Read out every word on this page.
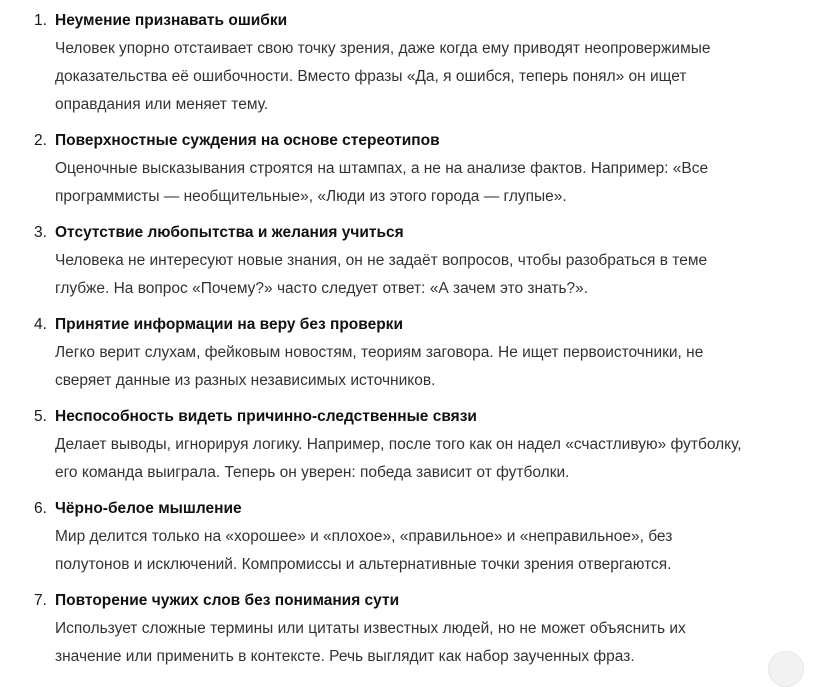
1. Неумение признавать ошибки
Человек упорно отстаивает свою точку зрения, даже когда ему приводят неопровержимые
доказательства её ошибочности. Вместо фразы «Да, я ошибся, теперь понял» он ищет
оправдания или меняет тему.
2. Поверхностные суждения на основе стереотипов
Оценочные высказывания строятся на штампах, а не на анализе фактов. Например: «Все
программисты — необщительные», «Люди из этого города — глупые».
3. Отсутствие любопытства и желания учиться
Человека не интересуют новые знания, он не задаёт вопросов, чтобы разобраться в теме
глубже. На вопрос «Почему?» часто следует ответ: «А зачем это знать?».
4. Принятие информации на веру без проверки
Легко верит слухам, фейковым новостям, теориям заговора. Не ищет первоисточники, не
сверяет данные из разных независимых источников.
5. Неспособность видеть причинно-следственные связи
Делает выводы, игнорируя логику. Например, после того как он надел «счастливую» футболку,
его команда выиграла. Теперь он уверен: победа зависит от футболки.
6. Чёрно-белое мышление
Мир делится только на «хорошее» и «плохое», «правильное» и «неправильное», без
полутонов и исключений. Компромиссы и альтернативные точки зрения отвергаются.
7. Повторение чужих слов без понимания сути
Использует сложные термины или цитаты известных людей, но не может объяснить их
значение или применить в контексте. Речь выглядит как набор заученных фраз.
